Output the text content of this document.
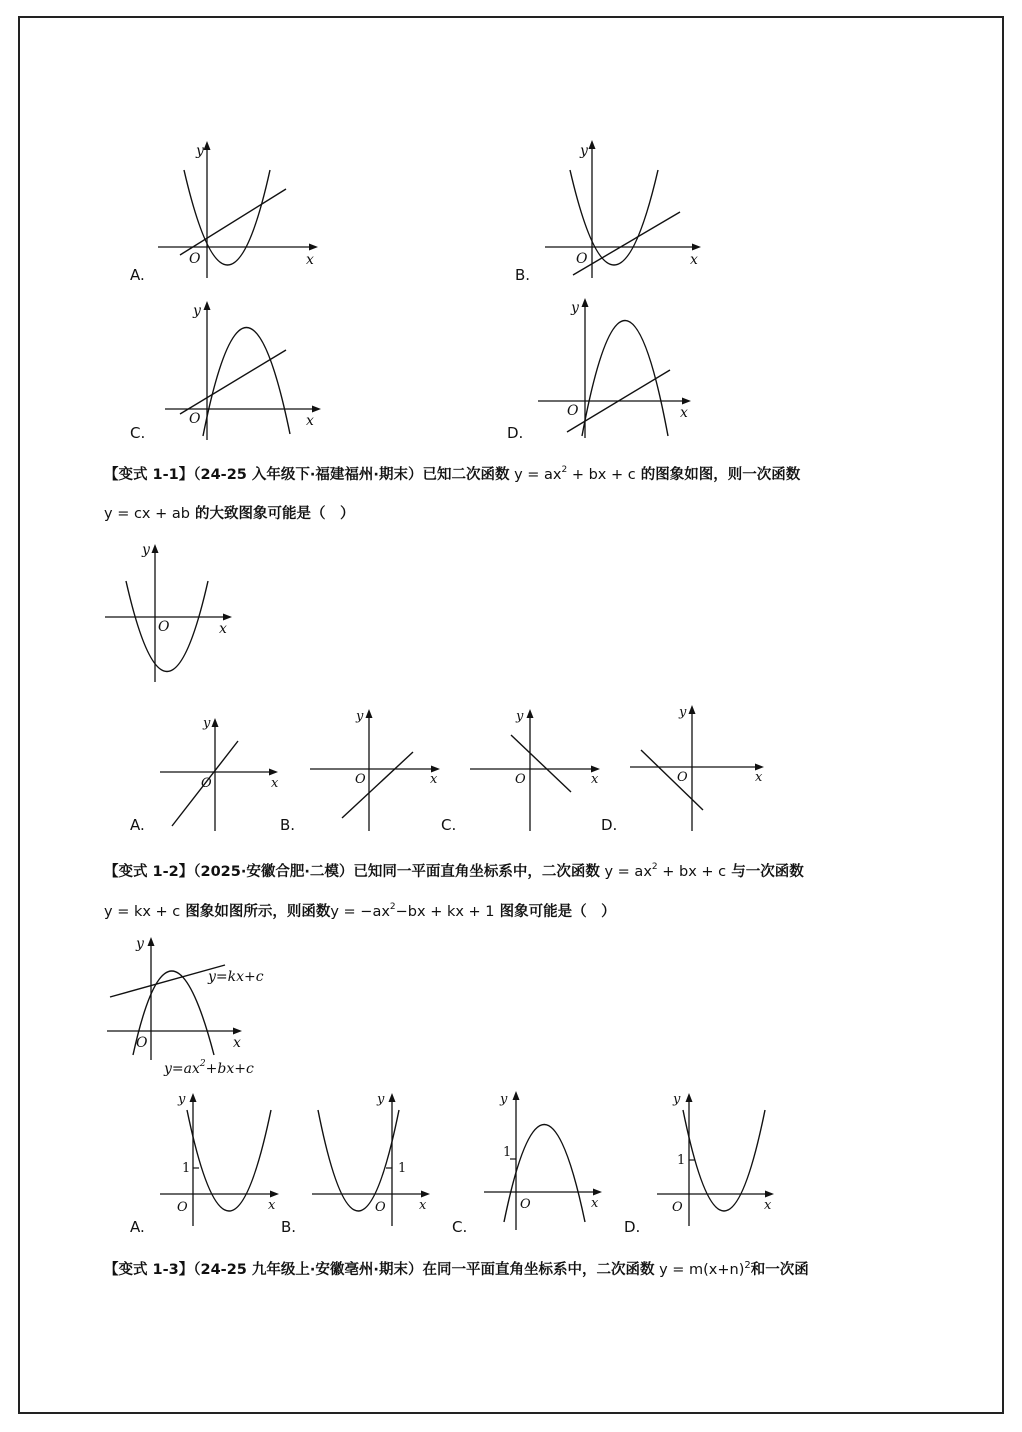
y
x
O
A.
y
x
O
B.
y
x
O
C.
y
x
O
D.
【变式 1-1】（24-25 入年级下·福建福州·期末）已知二次函数 $y = ax^2$ + bx + c 的图象如图，则一次函数
y = cx + ab 的大致图象可能是（　）
y
x
O
y
x
O
A.
y
x
O
B.
y
x
O
C.
y
x
O
D.
【变式 1-2】（2025·安徽合肥·二模）已知同一平面直角坐标系中，二次函数 $y = ax^2$ + bx + c 与一次函数
y = kx + c 图象如图所示，则函数$y = -ax^2-bx$ + kx + 1 图象可能是（　）
y
x
O
y=kx+c
$y=ax^2+bx+c$
y
x
O
1
A.
y
x
O
1
B.
y
x
O
1
C.
y
x
O
1
D.
【变式 1-3】（24-25 九年级上·安徽亳州·期末）在同一平面直角坐标系中，二次函数 $y = m(x+n)^2$和一次函
